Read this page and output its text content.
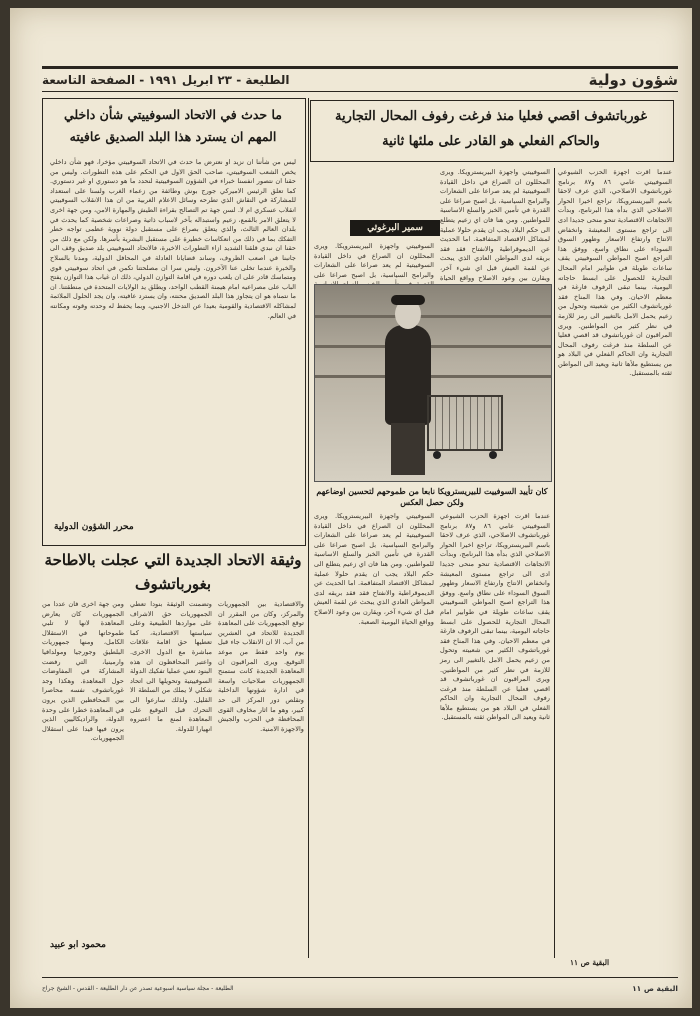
شؤون دولية
الطليعة - ٢٣ ابريل ١٩٩١ - الصفحة التاسعة
غورباتشوف اقصي فعليا منذ فرغت رفوف المحال التجارية والحاكم الفعلي هو القادر على ملئها ثانية
عندما اقرت اجهزة الحزب الشيوعي السوفييتي عامي ٨٦ و٨٧ برنامج غورباتشوف الاصلاحي، الذي عرف لاحقا باسم البيريسترويكا، تراجع اخيرا الحوار الاصلاحي الذي بدأه هذا البرنامج، وبدأت الاتجاهات الاقتصادية تنحو منحى جديدا ادى الى تراجع مستوى المعيشة وانخفاض الانتاج وارتفاع الاسعار وظهور السوق السوداء على نطاق واسع. ووفق هذا التراجع اصبح المواطن السوفييتي يقف ساعات طويلة في طوابير امام المحال التجارية للحصول على ابسط حاجاته اليومية، بينما تبقى الرفوف فارغة في معظم الاحيان. وفي هذا المناخ فقد غورباتشوف الكثير من شعبيته وتحول من زعيم يحمل الامل بالتغيير الى رمز للازمة في نظر كثير من المواطنين. ويرى المراقبون ان غورباتشوف قد اقصي فعليا عن السلطة منذ فرغت رفوف المحال التجارية وان الحاكم الفعلي في البلاد هو من يستطيع ملأها ثانية ويعيد الى المواطن ثقته بالمستقبل.
سمير البرغوثي
السوفييتي واجهزة البيريسترويكا. ويرى المحللون ان الصراع في داخل القيادة السوفييتية لم يعد صراعا على الشعارات والبرامج السياسية، بل اصبح صراعا على القدرة في تأمين الخبز والسلع الاساسية للمواطنين. ومن هنا فان اي زعيم يتطلع الى حكم البلاد يجب ان يقدم حلولا عملية لمشاكل الاقتصاد المتفاقمة. اما الحديث عن الديموقراطية والانفتاح فقد فقد بريقه لدى المواطن العادي الذي يبحث عن لقمة العيش قبل اي شيء آخر، ويقارن بين وعود الاصلاح وواقع الحياة
السوفييتي واجهزة البيريسترويكا. ويرى المحللون ان الصراع في داخل القيادة السوفييتية لم يعد صراعا على الشعارات والبرامج السياسية، بل اصبح صراعا على
كان تأييد السوفييت للبيريسترويكا نابعا من طموحهم لتحسين اوضاعهم ولكن حصل العكس
عندما اقرت اجهزة الحزب الشيوعي السوفييتي عامي ٨٦ و٨٧ برنامج غورباتشوف الاصلاحي، الذي عرف لاحقا باسم البيريسترويكا، تراجع اخيرا الحوار الاصلاحي الذي بدأه هذا البرنامج، وبدأت الاتجاهات الاقتصادية تنحو منحى جديدا ادى الى تراجع مستوى المعيشة وانخفاض الانتاج وارتفاع الاسعار وظهور السوق السوداء على نطاق واسع. ووفق هذا التراجع اصبح المواطن السوفييتي يقف ساعات طويلة في طوابير امام المحال التجارية للحصول على ابسط حاجاته اليومية، بينما تبقى الرفوف فارغة في معظم الاحيان. وفي هذا المناخ فقد غورباتشوف الكثير من شعبيته وتحول من زعيم يحمل الامل بالتغيير الى رمز للازمة في نظر كثير من المواطنين. ويرى المراقبون ان غورباتشوف قد اقصي فعليا عن السلطة منذ فرغت رفوف المحال التجارية وان الحاكم الفعلي في البلاد هو من يستطيع ملأها ثانية ويعيد الى المواطن ثقته بالمستقبل.
السوفييتي واجهزة البيريسترويكا. ويرى المحللون ان الصراع في داخل القيادة السوفييتية لم يعد صراعا على الشعارات والبرامج السياسية، بل اصبح صراعا على القدرة في تأمين الخبز والسلع الاساسية للمواطنين. ومن هنا فان اي زعيم يتطلع الى حكم البلاد يجب ان يقدم حلولا عملية لمشاكل الاقتصاد المتفاقمة. اما الحديث عن الديموقراطية والانفتاح فقد فقد بريقه لدى المواطن العادي الذي يبحث عن لقمة العيش قبل اي شيء آخر، ويقارن بين وعود الاصلاح وواقع الحياة اليومية الصعبة.
البقية ص ١١
ما حدث في الاتحاد السوفييتي شأن داخلي المهم ان يسترد هذا البلد الصديق عافيته
ليس من شأننا ان نزيد او نعترض ما حدث في الاتحاد السوفييتي مؤخرا، فهو شأن داخلي يخص الشعب السوفييتي، صاحب الحق الاول في الحكم على هذه التطورات. وليس من حقنا ان نتصور انفسنا خبراء في الشؤون السوفييتية لنحدد ما هو دستوري او غير دستوري. كما تعلق الرئيس الاميركي جورج بوش وطائفة من زعماء الغرب ولسنا على استعداد للمشاركة في النقاش الذي تطرحه وسائل الاعلام الغربية من ان هذا الانقلاب السوفييتي انقلاب عسكري ام لا. لسن جهة تم التصالح بقراءة الطيش والمهارة الامن، ومن جهة اخرى لا يتعلق الامر بالقمع، زعيم واستبداله بآخر لاسباب ذاتية وصراعات شخصية كما يحدث في بلدان العالم الثالث، والذي يتعلق بصراع على مستقبل دولة نووية عظمى تواجه خطر التفكك بما في ذلك من انعكاسات خطيرة على مستقبل البشرية بأسرها. ولكن مع ذلك من حقنا ان نبدي قلقنا الشديد ازاء التطورات الاخيرة، فالاتحاد السوفييتي بلد صديق وقف الى جانبنا في اصعب الظروف، وساند قضايانا العادلة في المحافل الدولية، ومدنا بالسلاح والخبرة عندما تخلى عنا الآخرون. وليس سرا ان مصلحتنا تكمن في اتحاد سوفييتي قوي ومتماسك قادر على ان يلعب دوره في اقامة التوازن الدولي، ذلك ان غياب هذا التوازن يفتح الباب على مصراعيه امام هيمنة القطب الواحد، ويطلق يد الولايات المتحدة في منطقتنا. ان ما نتمناه هو ان يتجاوز هذا البلد الصديق محنته، وان يسترد عافيته، وان يجد الحلول الملائمة لمشاكله الاقتصادية والقومية بعيدا عن التدخل الاجنبي، وبما يحفظ له وحدته وقوته ومكانته في العالم.
محرر الشؤون الدولية
وثيقة الاتحاد الجديدة التي عجلت بالاطاحة بغورباتشوف
والاقتصادية بين الجمهوريات والمركز، وكان من المقرر ان توقع الجمهوريات على المعاهدة الجديدة للاتحاد في العشرين من آب، الا ان الانقلاب جاء قبل يوم واحد فقط من موعد التوقيع. ويرى المراقبون ان المعاهدة الجديدة كانت ستمنح الجمهوريات صلاحيات واسعة في ادارة شؤونها الداخلية وتقلص دور المركز الى حد كبير، وهو ما اثار مخاوف القوى المحافظة في الحزب والجيش والاجهزة الامنية.
وتضمنت الوثيقة بنودا تعطي الجمهوريات حق الاشراف على مواردها الطبيعية وعلى سياستها الاقتصادية، كما تعطيها حق اقامة علاقات مباشرة مع الدول الاخرى. واعتبر المحافظون ان هذه البنود تعني عمليا تفكيك الدولة السوفييتية وتحويلها الى اتحاد شكلي لا يملك من السلطة الا القليل. ولذلك سارعوا الى التحرك قبل التوقيع على المعاهدة لمنع ما اعتبروه انهيارا للدولة.
ومن جهة اخرى فان عددا من الجمهوريات كان يعارض المعاهدة لانها لا تلبي طموحاتها في الاستقلال الكامل، ومنها جمهوريات البلطيق وجورجيا ومولدافيا وارمينيا، التي رفضت المشاركة في المفاوضات حول المعاهدة. وهكذا وجد غورباتشوف نفسه محاصرا بين المحافظين الذين يرون في المعاهدة خطرا على وحدة الدولة، والراديكاليين الذين يرون فيها قيدا على استقلال الجمهوريات.
محمود ابو عبيد
البقية ص ١١
الطليعة - مجلة سياسية اسبوعية تصدر عن دار الطليعة - القدس - الشيخ جراح
